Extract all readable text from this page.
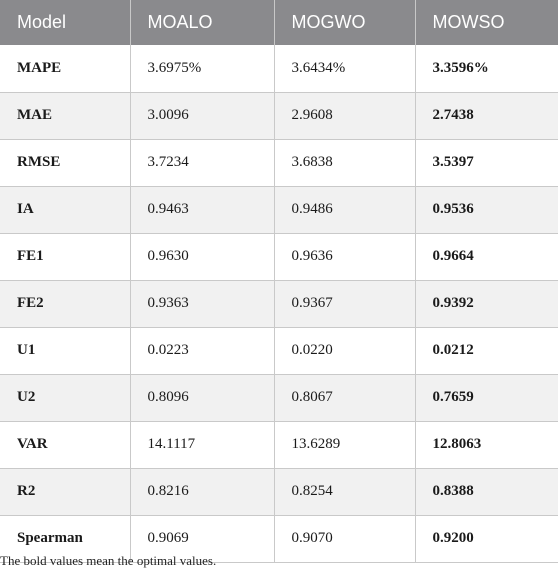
Model	MOALO	MOGWO	MOWSO
MAPE	3.6975%	3.6434%	3.3596%
MAE	3.0096	2.9608	2.7438
RMSE	3.7234	3.6838	3.5397
IA	0.9463	0.9486	0.9536
FE1	0.9630	0.9636	0.9664
FE2	0.9363	0.9367	0.9392
U1	0.0223	0.0220	0.0212
U2	0.8096	0.8067	0.7659
VAR	14.1117	13.6289	12.8063
R2	0.8216	0.8254	0.8388
Spearman	0.9069	0.9070	0.9200
The bold values mean the optimal values.
